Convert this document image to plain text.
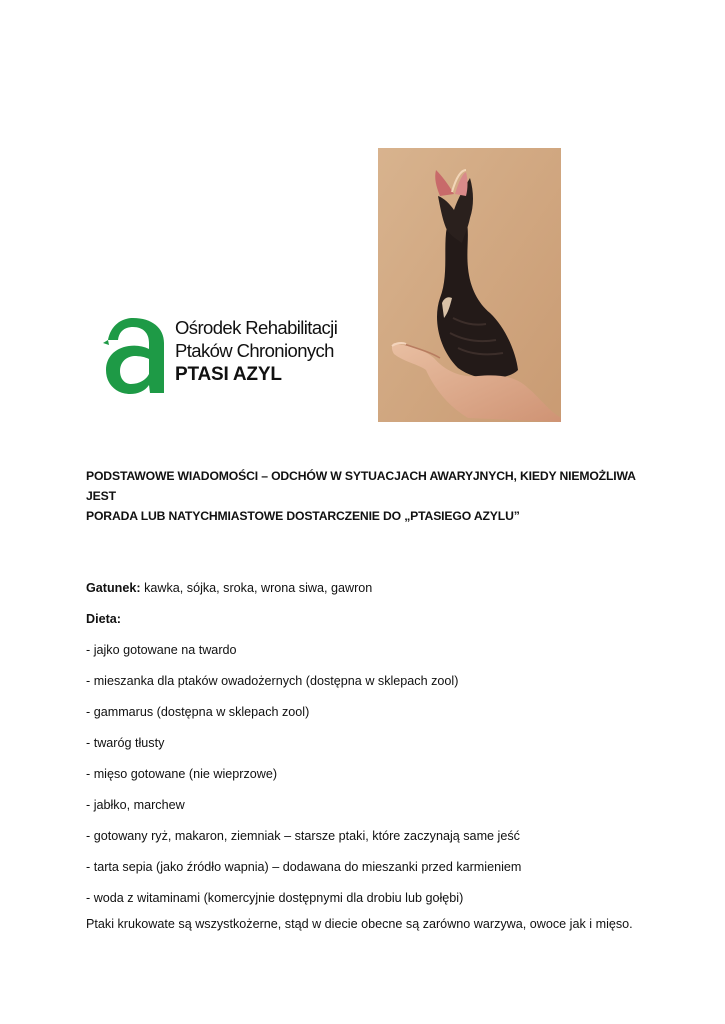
Ośrodek Rehabilitacji
Ptaków Chronionych
PTASI AZYL
PODSTAWOWE WIADOMOŚCI – ODCHÓW W SYTUACJACH AWARYJNYCH, KIEDY NIEMOŻLIWA JEST
PORADA LUB NATYCHMIASTOWE DOSTARCZENIE DO „PTASIEGO AZYLU”

Gatunek: kawka, sójka, sroka, wrona siwa, gawron

Dieta:

- jajko gotowane na twardo

- mieszanka dla ptaków owadożernych (dostępna w sklepach zool)

- gammarus (dostępna w sklepach zool)

- twaróg tłusty

- mięso gotowane (nie wieprzowe)

- jabłko, marchew

- gotowany ryż, makaron, ziemniak – starsze ptaki, które zaczynają same jeść

- tarta sepia (jako źródło wapnia) – dodawana do mieszanki przed karmieniem

- woda z witaminami (komercyjnie dostępnymi dla drobiu lub gołębi)

Ptaki krukowate są wszystkożerne, stąd w diecie obecne są zarówno warzywa, owoce jak i mięso.
